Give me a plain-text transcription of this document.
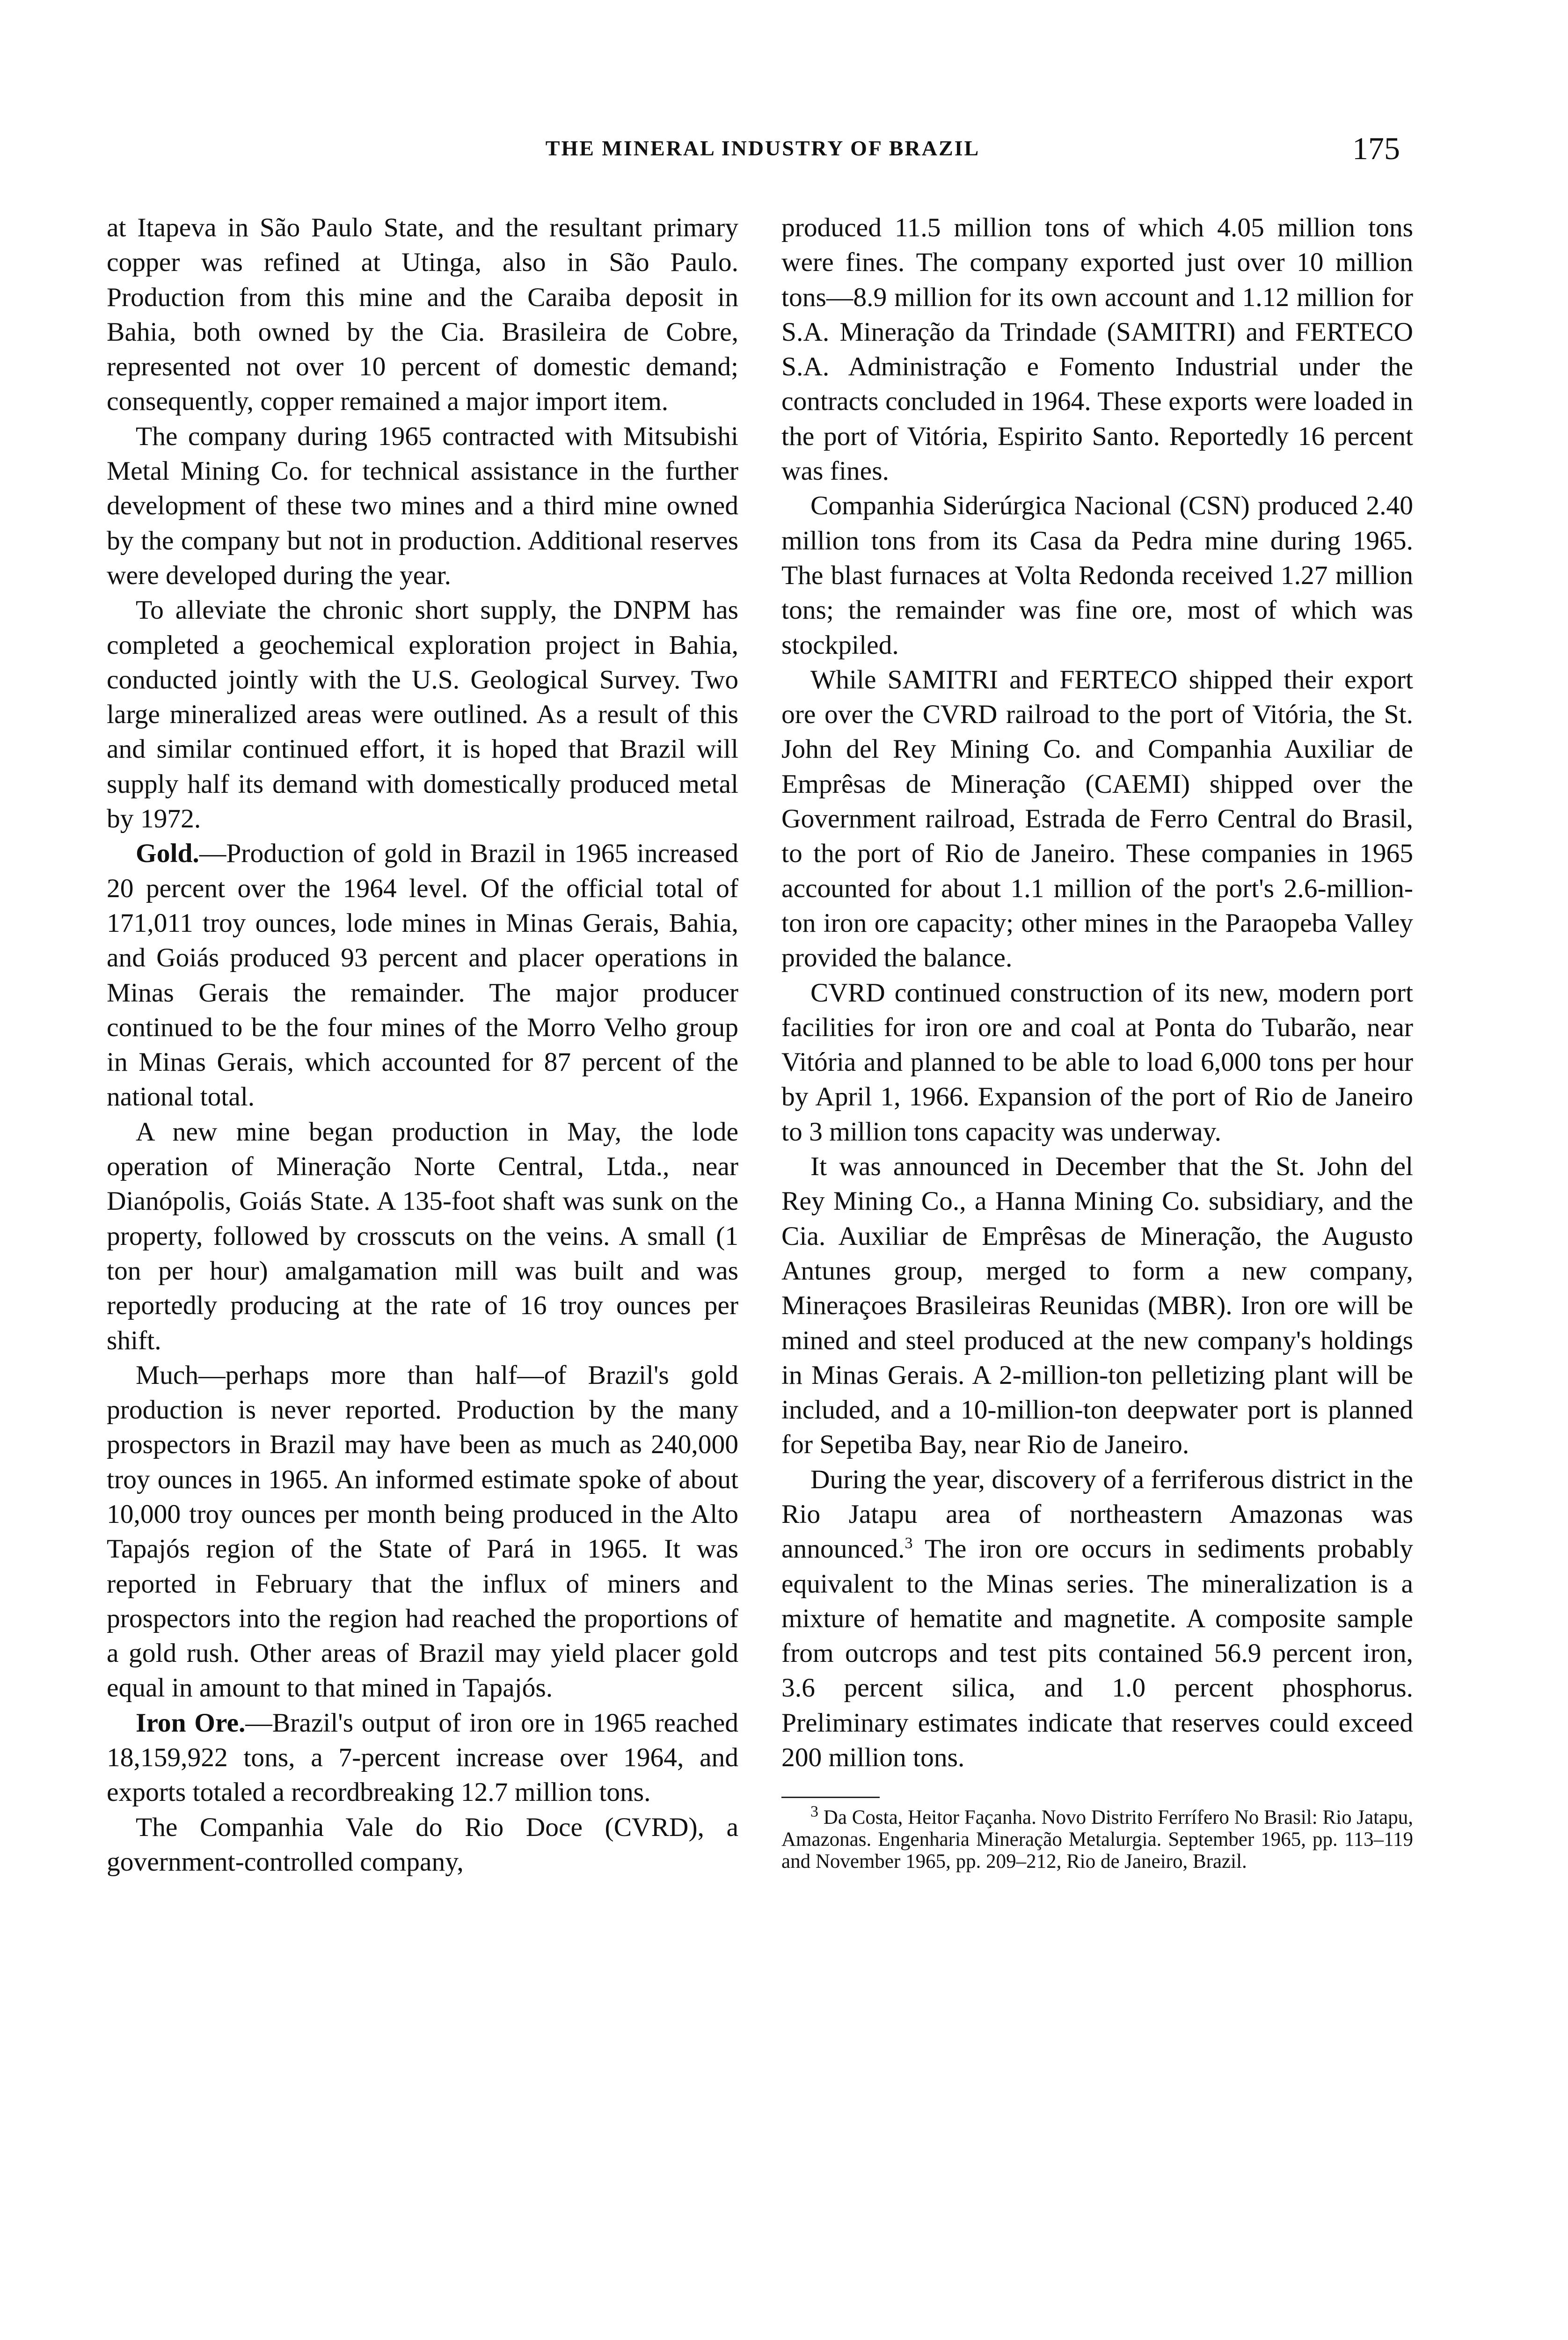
THE MINERAL INDUSTRY OF BRAZIL	175

at Itapeva in São Paulo State, and the resultant primary copper was refined at Utinga, also in São Paulo. Production from this mine and the Caraiba deposit in Bahia, both owned by the Cia. Brasileira de Cobre, represented not over 10 percent of domestic demand; consequently, copper remained a major import item.

The company during 1965 contracted with Mitsubishi Metal Mining Co. for technical assistance in the further development of these two mines and a third mine owned by the company but not in production. Additional reserves were developed during the year.

To alleviate the chronic short supply, the DNPM has completed a geochemical exploration project in Bahia, conducted jointly with the U.S. Geological Survey. Two large mineralized areas were outlined. As a result of this and similar continued effort, it is hoped that Brazil will supply half its demand with domestically produced metal by 1972.

Gold.—Production of gold in Brazil in 1965 increased 20 percent over the 1964 level. Of the official total of 171,011 troy ounces, lode mines in Minas Gerais, Bahia, and Goiás produced 93 percent and placer operations in Minas Gerais the remainder. The major producer continued to be the four mines of the Morro Velho group in Minas Gerais, which accounted for 87 percent of the national total.

A new mine began production in May, the lode operation of Mineração Norte Central, Ltda., near Dianópolis, Goiás State. A 135-foot shaft was sunk on the property, followed by crosscuts on the veins. A small (1 ton per hour) amalgamation mill was built and was reportedly producing at the rate of 16 troy ounces per shift.

Much—perhaps more than half—of Brazil's gold production is never reported. Production by the many prospectors in Brazil may have been as much as 240,000 troy ounces in 1965. An informed estimate spoke of about 10,000 troy ounces per month being produced in the Alto Tapajós region of the State of Pará in 1965. It was reported in February that the influx of miners and prospectors into the region had reached the proportions of a gold rush. Other areas of Brazil may yield placer gold equal in amount to that mined in Tapajós.

Iron Ore.—Brazil's output of iron ore in 1965 reached 18,159,922 tons, a 7-percent increase over 1964, and exports totaled a recordbreaking 12.7 million tons.

The Companhia Vale do Rio Doce (CVRD), a government-controlled company,

produced 11.5 million tons of which 4.05 million tons were fines. The company exported just over 10 million tons—8.9 million for its own account and 1.12 million for S.A. Mineração da Trindade (SAMITRI) and FERTECO S.A. Administração e Fomento Industrial under the contracts concluded in 1964. These exports were loaded in the port of Vitória, Espirito Santo. Reportedly 16 percent was fines.

Companhia Siderúrgica Nacional (CSN) produced 2.40 million tons from its Casa da Pedra mine during 1965. The blast furnaces at Volta Redonda received 1.27 million tons; the remainder was fine ore, most of which was stockpiled.

While SAMITRI and FERTECO shipped their export ore over the CVRD railroad to the port of Vitória, the St. John del Rey Mining Co. and Companhia Auxiliar de Emprêsas de Mineração (CAEMI) shipped over the Government railroad, Estrada de Ferro Central do Brasil, to the port of Rio de Janeiro. These companies in 1965 accounted for about 1.1 million of the port's 2.6-million-ton iron ore capacity; other mines in the Paraopeba Valley provided the balance.

CVRD continued construction of its new, modern port facilities for iron ore and coal at Ponta do Tubarão, near Vitória and planned to be able to load 6,000 tons per hour by April 1, 1966. Expansion of the port of Rio de Janeiro to 3 million tons capacity was underway.

It was announced in December that the St. John del Rey Mining Co., a Hanna Mining Co. subsidiary, and the Cia. Auxiliar de Emprêsas de Mineração, the Augusto Antunes group, merged to form a new company, Mineraçoes Brasileiras Reunidas (MBR). Iron ore will be mined and steel produced at the new company's holdings in Minas Gerais. A 2-million-ton pelletizing plant will be included, and a 10-million-ton deepwater port is planned for Sepetiba Bay, near Rio de Janeiro.

During the year, discovery of a ferriferous district in the Rio Jatapu area of northeastern Amazonas was announced.$^3$ The iron ore occurs in sediments probably equivalent to the Minas series. The mineralization is a mixture of hematite and magnetite. A composite sample from outcrops and test pits contained 56.9 percent iron, 3.6 percent silica, and 1.0 percent phosphorus. Preliminary estimates indicate that reserves could exceed 200 million tons.

$^3$ Da Costa, Heitor Façanha. Novo Distrito Ferrífero No Brasil: Rio Jatapu, Amazonas. Engenharia Mineração Metalurgia. September 1965, pp. 113–119 and November 1965, pp. 209–212, Rio de Janeiro, Brazil.
